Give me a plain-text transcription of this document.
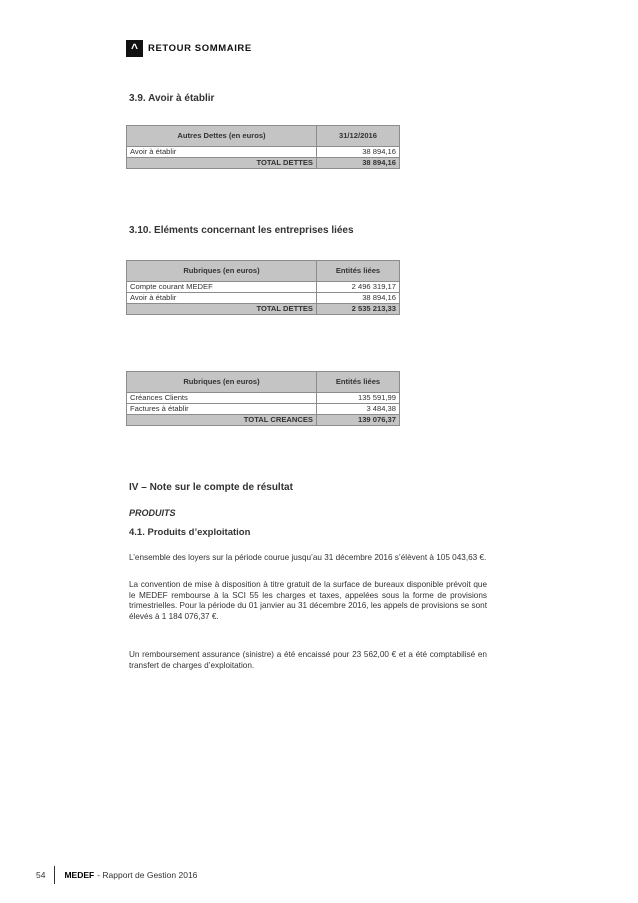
^	RETOUR SOMMAIRE
3.9. Avoir à établir
Autres Dettes (en euros)	31/12/2016
Avoir à établir	38 894,16
TOTAL DETTES	38 894,16
3.10. Eléments concernant les entreprises liées
Rubriques (en euros)	Entités liées
Compte courant MEDEF	2 496 319,17
Avoir à établir	38 894,16
TOTAL DETTES	2 535 213,33
Rubriques (en euros)	Entités liées
Créances Clients	135 591,99
Factures à établir	3 484,38
TOTAL CREANCES	139 076,37
IV – Note sur le compte de résultat
PRODUITS
4.1. Produits d’exploitation

L’ensemble des loyers sur la période courue jusqu’au 31 décembre 2016 s’élèvent à 105 043,63 €.

La convention de mise à disposition à titre gratuit de la surface de bureaux disponible prévoit que le MEDEF rembourse à la SCI 55 les charges et taxes, appelées sous la forme de provisions trimestrielles. Pour la période du 01 janvier au 31 décembre 2016, les appels de provisions se sont élevés à 1 184 076,37 €.

Un remboursement assurance (sinistre) a été encaissé pour 23 562,00 € et a été comptabilisé en transfert de charges d’exploitation.

54 MEDEF - Rapport de Gestion 2016
